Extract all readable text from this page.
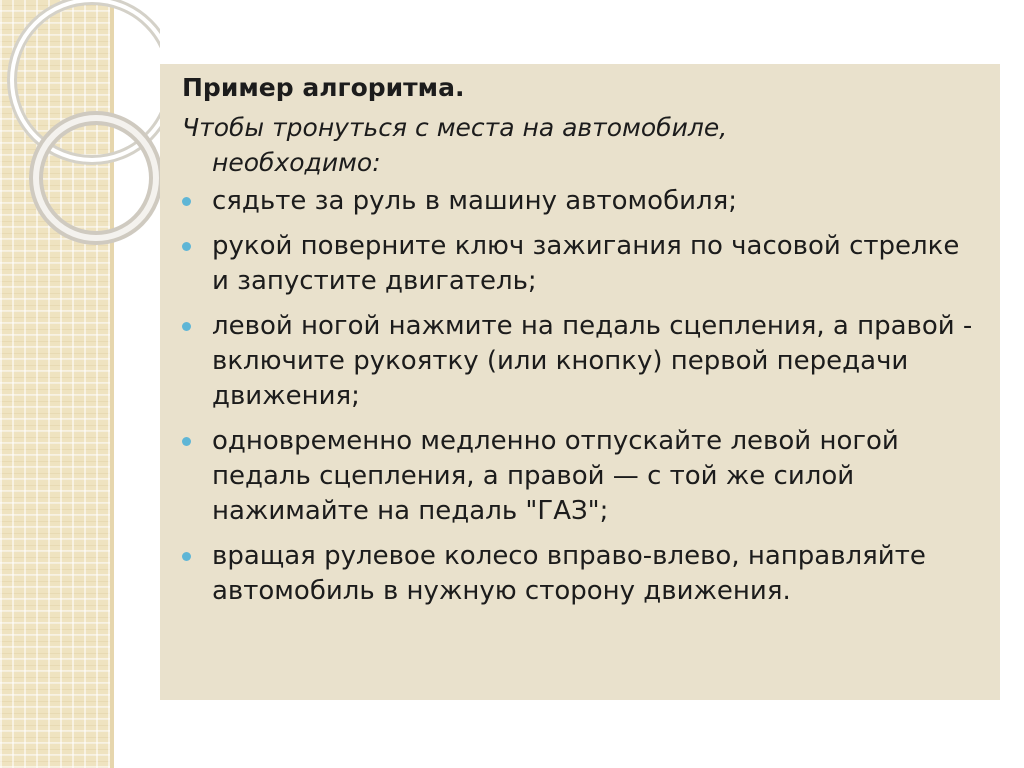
Пример алгоритма.
Чтобы тронуться с места на автомобиле,
необходимо:
сядьте за руль в машину автомобиля;
рукой поверните ключ зажигания по часовой стрелке и запустите двигатель;
левой ногой нажмите на педаль сцепления, а правой - включите рукоятку (или кнопку) первой передачи движения;
одновременно медленно отпускайте левой ногой педаль сцепления, а правой — с той же силой нажимайте на педаль "ГАЗ";
вращая рулевое колесо вправо-влево, направляйте автомобиль в нужную сторону движения.
